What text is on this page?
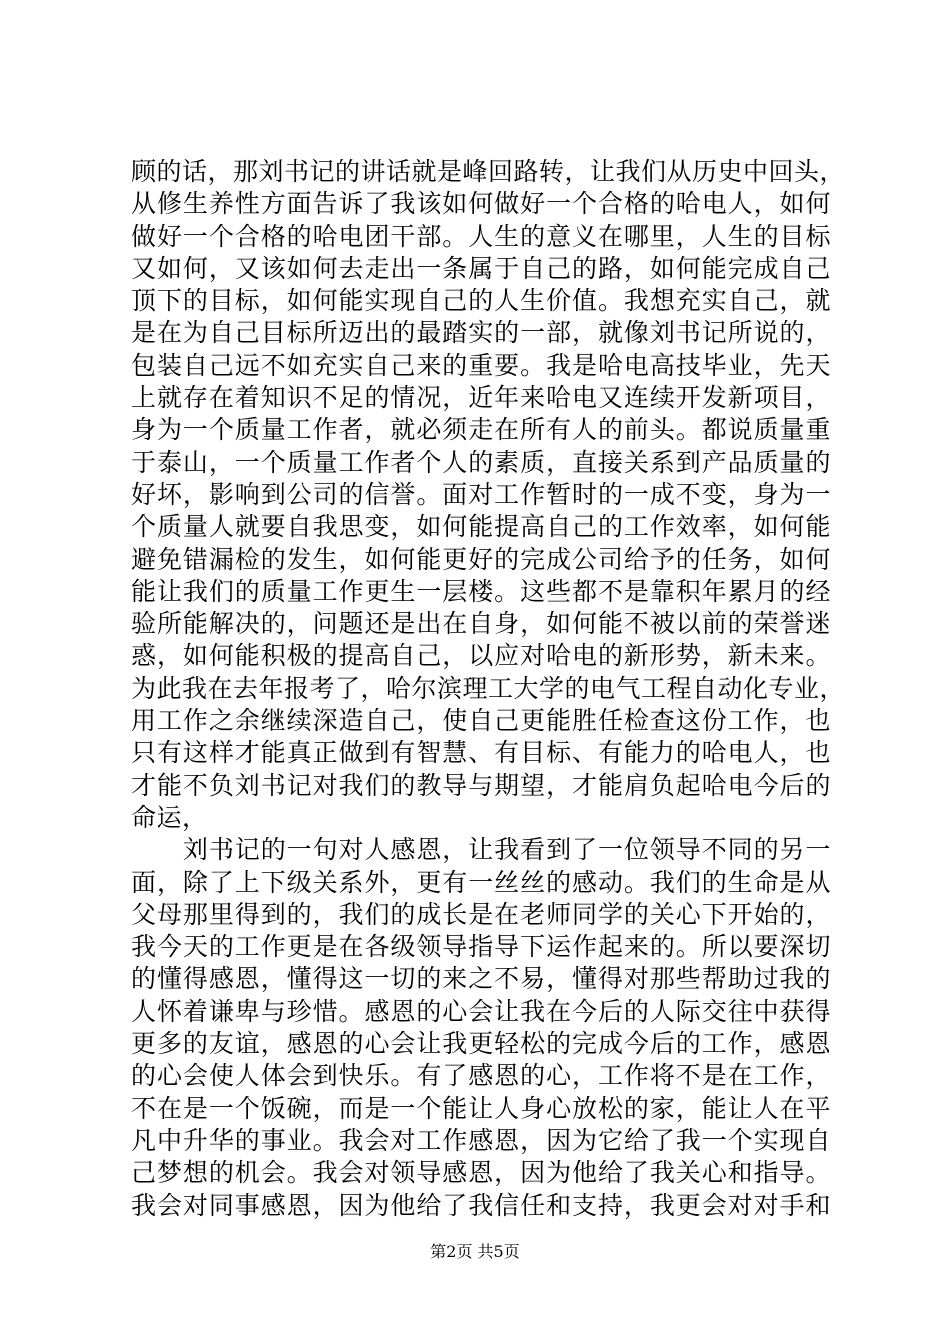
顾的话，那刘书记的讲话就是峰回路转，让我们从历史中回头，
从修生养性方面告诉了我该如何做好一个合格的哈电人，如何
做好一个合格的哈电团干部。人生的意义在哪里，人生的目标
又如何，又该如何去走出一条属于自己的路，如何能完成自己
顶下的目标，如何能实现自己的人生价值。我想充实自己，就
是在为自己目标所迈出的最踏实的一部，就像刘书记所说的，
包装自己远不如充实自己来的重要。我是哈电高技毕业，先天
上就存在着知识不足的情况，近年来哈电又连续开发新项目，
身为一个质量工作者，就必须走在所有人的前头。都说质量重
于泰山，一个质量工作者个人的素质，直接关系到产品质量的
好坏，影响到公司的信誉。面对工作暂时的一成不变，身为一
个质量人就要自我思变，如何能提高自己的工作效率，如何能
避免错漏检的发生，如何能更好的完成公司给予的任务，如何
能让我们的质量工作更生一层楼。这些都不是靠积年累月的经
验所能解决的，问题还是出在自身，如何能不被以前的荣誉迷
惑，如何能积极的提高自己，以应对哈电的新形势，新未来。
为此我在去年报考了，哈尔滨理工大学的电气工程自动化专业，
用工作之余继续深造自己，使自己更能胜任检查这份工作，也
只有这样才能真正做到有智慧、有目标、有能力的哈电人，也
才能不负刘书记对我们的教导与期望，才能肩负起哈电今后的
命运，
　　刘书记的一句对人感恩，让我看到了一位领导不同的另一
面，除了上下级关系外，更有一丝丝的感动。我们的生命是从
父母那里得到的，我们的成长是在老师同学的关心下开始的，
我今天的工作更是在各级领导指导下运作起来的。所以要深切
的懂得感恩，懂得这一切的来之不易，懂得对那些帮助过我的
人怀着谦卑与珍惜。感恩的心会让我在今后的人际交往中获得
更多的友谊，感恩的心会让我更轻松的完成今后的工作，感恩
的心会使人体会到快乐。有了感恩的心，工作将不是在工作，
不在是一个饭碗，而是一个能让人身心放松的家，能让人在平
凡中升华的事业。我会对工作感恩，因为它给了我一个实现自
己梦想的机会。我会对领导感恩，因为他给了我关心和指导。
我会对同事感恩，因为他给了我信任和支持，我更会对对手和
第2页 共5页
